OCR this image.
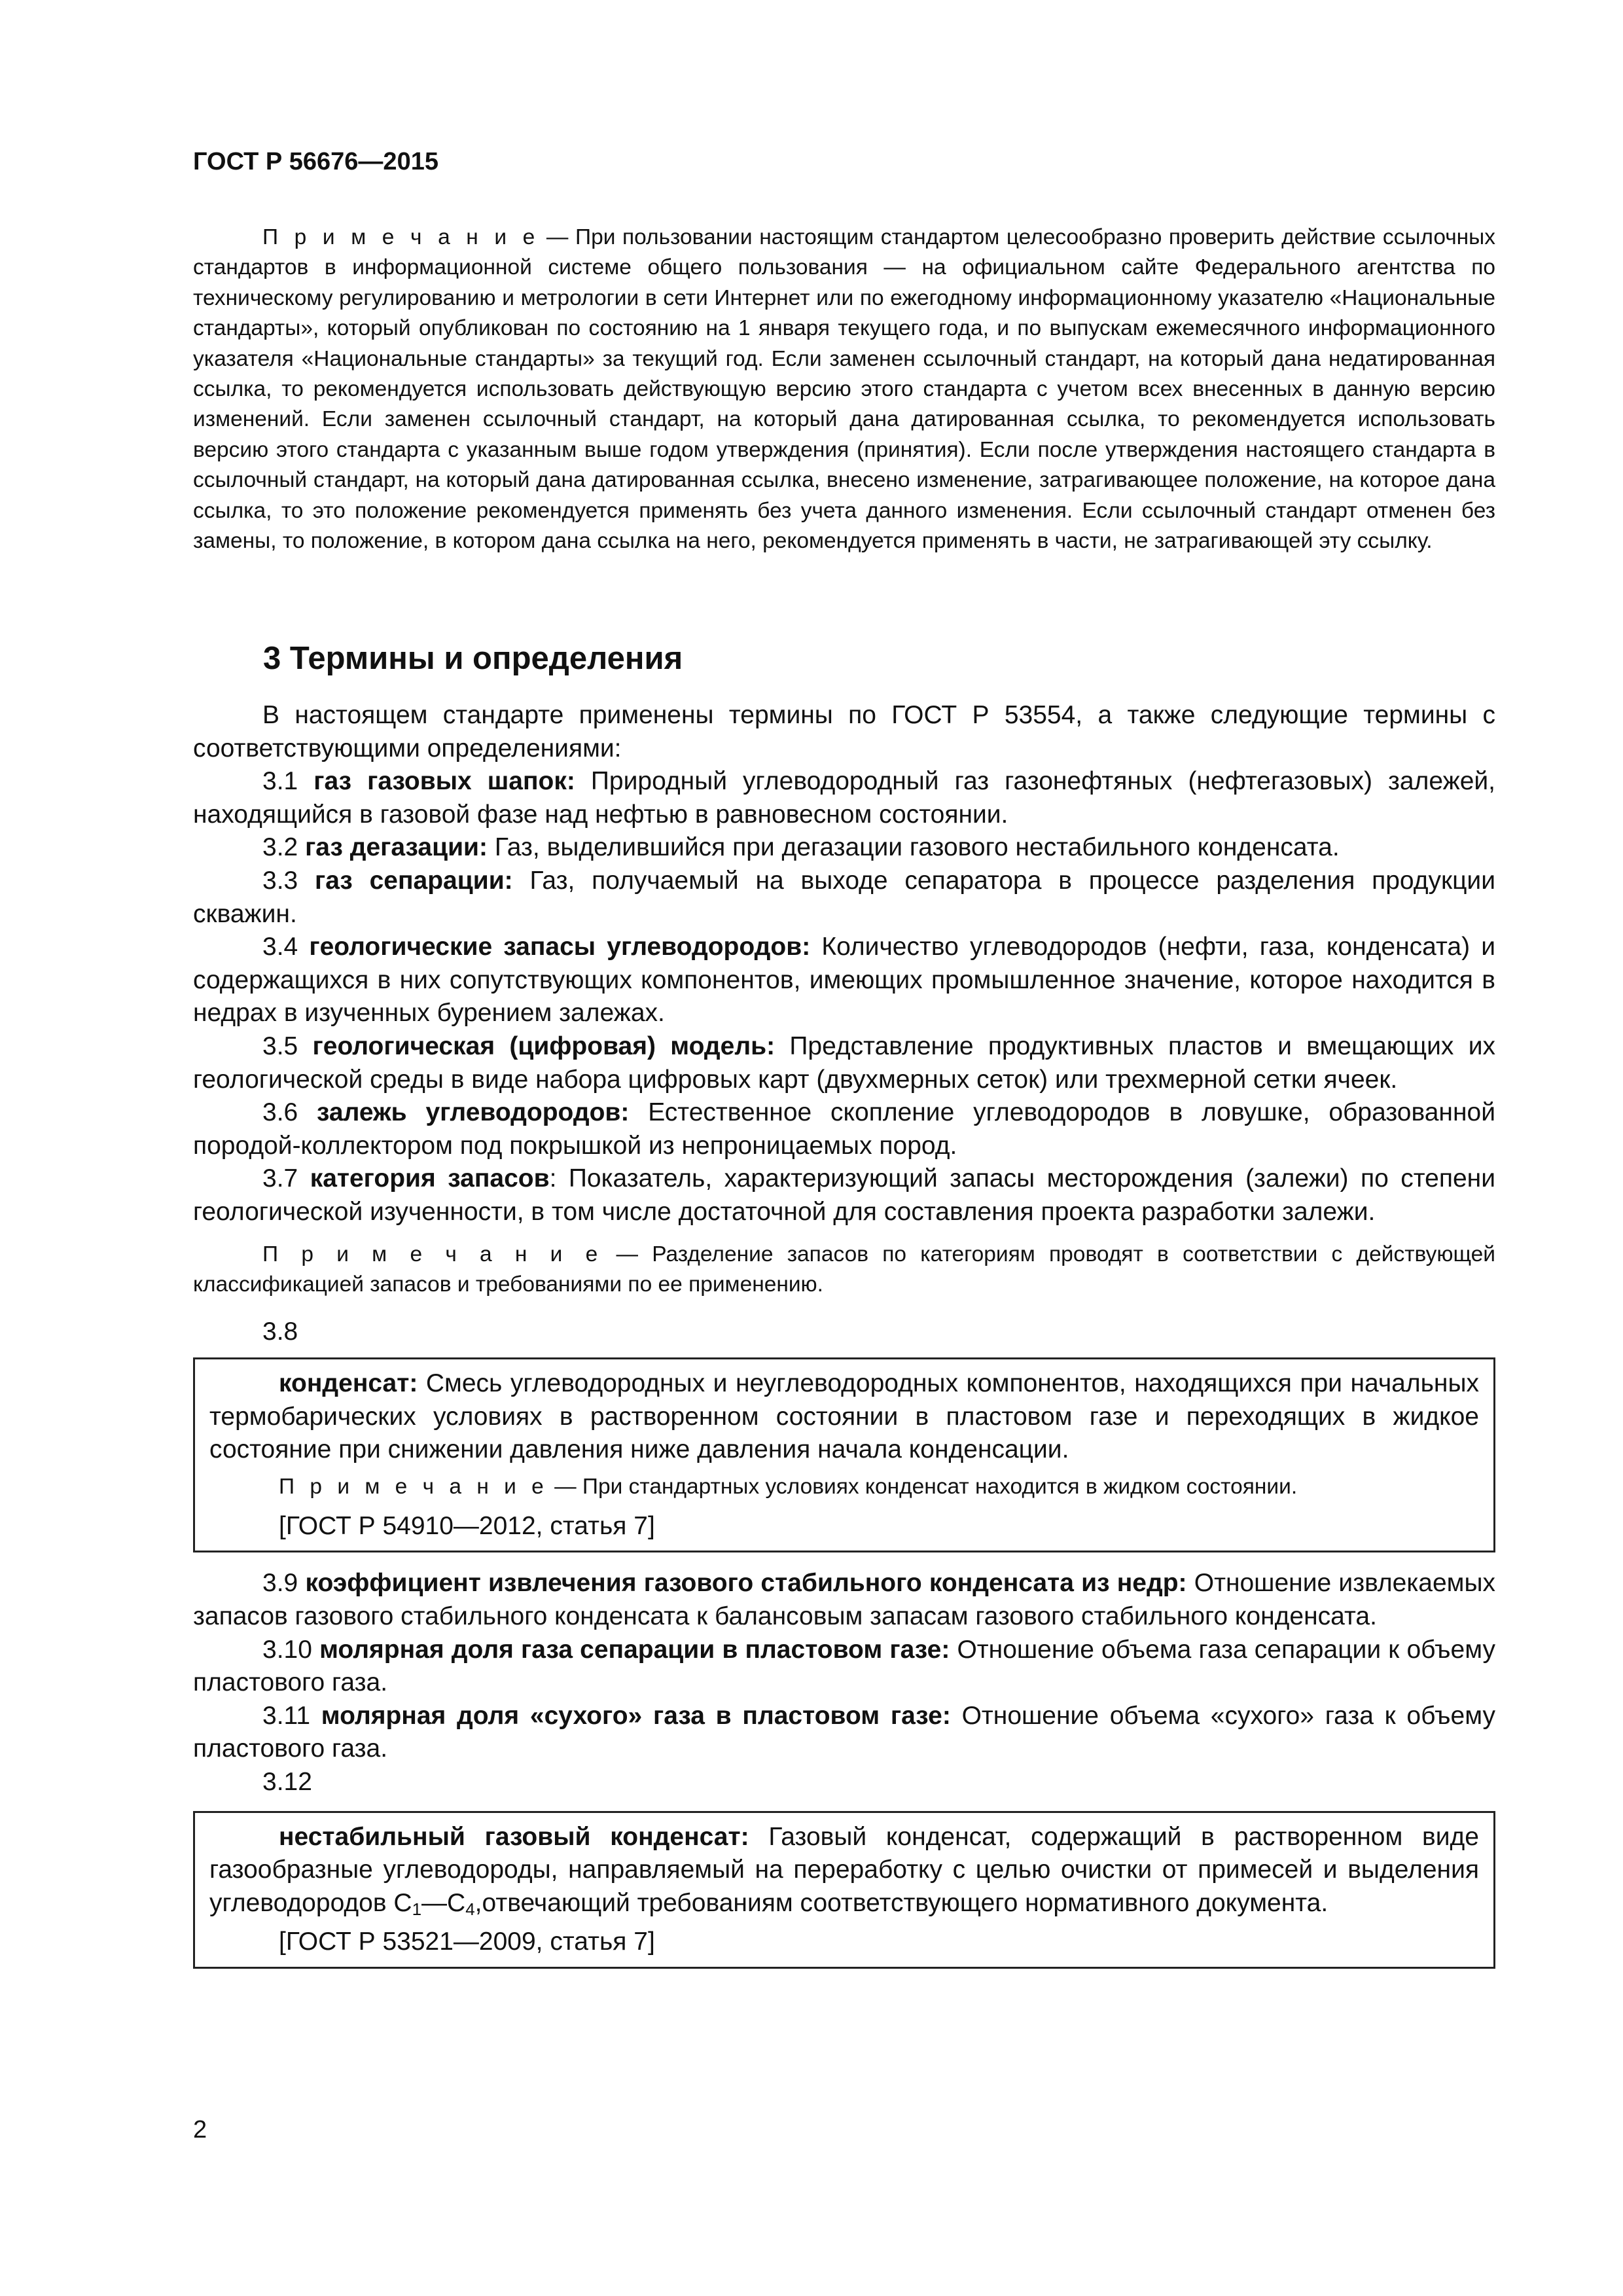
ГОСТ Р 56676—2015
П р и м е ч а н и е — При пользовании настоящим стандартом целесообразно проверить действие ссылочных стандартов в информационной системе общего пользования — на официальном сайте Федерального агентства по техническому регулированию и метрологии в сети Интернет или по ежегодному информационному указателю «Национальные стандарты», который опубликован по состоянию на 1 января текущего года, и по выпускам ежемесячного информационного указателя «Национальные стандарты» за текущий год. Если заменен ссылочный стандарт, на который дана недатированная ссылка, то рекомендуется использовать действующую версию этого стандарта с учетом всех внесенных в данную версию изменений. Если заменен ссылочный стандарт, на который дана датированная ссылка, то рекомендуется использовать версию этого стандарта с указанным выше годом утверждения (принятия). Если после утверждения настоящего стандарта в ссылочный стандарт, на который дана датированная ссылка, внесено изменение, затрагивающее положение, на которое дана ссылка, то это положение рекомендуется применять без учета данного изменения. Если ссылочный стандарт отменен без замены, то положение, в котором дана ссылка на него, рекомендуется применять в части, не затрагивающей эту ссылку.
3 Термины и определения

В настоящем стандарте применены термины по ГОСТ Р 53554, а также следующие термины с соответствующими определениями:

3.1 газ газовых шапок: Природный углеводородный газ газонефтяных (нефтегазовых) залежей, находящийся в газовой фазе над нефтью в равновесном состоянии.

3.2 газ дегазации: Газ, выделившийся при дегазации газового нестабильного конденсата.

3.3 газ сепарации: Газ, получаемый на выходе сепаратора в процессе разделения продукции скважин.

3.4 геологические запасы углеводородов: Количество углеводородов (нефти, газа, конденсата) и содержащихся в них сопутствующих компонентов, имеющих промышленное значение, которое находится в недрах в изученных бурением залежах.

3.5 геологическая (цифровая) модель: Представление продуктивных пластов и вмещающих их геологической среды в виде набора цифровых карт (двухмерных сеток) или трехмерной сетки ячеек.

3.6 залежь углеводородов: Естественное скопление углеводородов в ловушке, образованной породой-коллектором под покрышкой из непроницаемых пород.

3.7 категория запасов: Показатель, характеризующий запасы месторождения (залежи) по степени геологической изученности, в том числе достаточной для составления проекта разработки залежи.

П р и м е ч а н и е — Разделение запасов по категориям проводят в соответствии с действующей классификацией запасов и требованиями по ее применению.

3.8

конденсат: Смесь углеводородных и неуглеводородных компонентов, находящихся при начальных термобарических условиях в растворенном состоянии в пластовом газе и переходящих в жидкое состояние при снижении давления ниже давления начала конденсации.

П р и м е ч а н и е — При стандартных условиях конденсат находится в жидком состоянии.

[ГОСТ Р 54910—2012, статья 7]

3.9 коэффициент извлечения газового стабильного конденсата из недр: Отношение извлекаемых запасов газового стабильного конденсата к балансовым запасам газового стабильного конденсата.

3.10 молярная доля газа сепарации в пластовом газе: Отношение объема газа сепарации к объему пластового газа.

3.11 молярная доля «сухого» газа в пластовом газе: Отношение объема «сухого» газа к объему пластового газа.

3.12

нестабильный газовый конденсат: Газовый конденсат, содержащий в растворенном виде газообразные углеводороды, направляемый на переработку с целью очистки от примесей и выделения углеводородов $С_1—С_4,отвечающий$ требованиям соответствующего нормативного документа.

[ГОСТ Р 53521—2009, статья 7]

2
